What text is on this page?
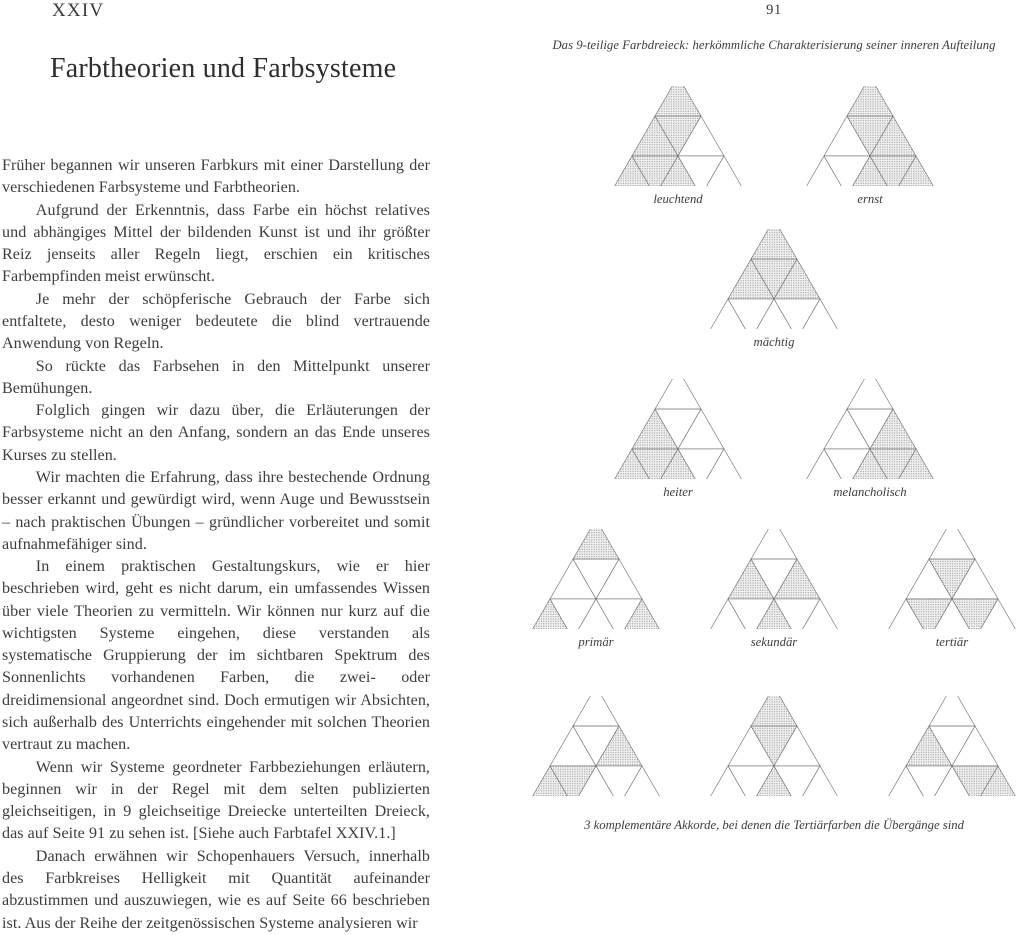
XXIV
Farbtheorien und Farbsysteme

Früher begannen wir unseren Farbkurs mit einer Darstellung der verschiedenen Farbsysteme und Farbtheorien.

Aufgrund der Erkenntnis, dass Farbe ein höchst relatives und abhängiges Mittel der bildenden Kunst ist und ihr größter Reiz jenseits aller Regeln liegt, erschien ein kritisches Farbempfinden meist erwünscht.

Je mehr der schöpferische Gebrauch der Farbe sich entfaltete, desto weniger bedeutete die blind vertrauende Anwendung von Regeln.

So rückte das Farbsehen in den Mittelpunkt unserer Bemühungen.

Folglich gingen wir dazu über, die Erläuterungen der Farbsysteme nicht an den Anfang, sondern an das Ende unseres Kurses zu stellen.

Wir machten die Erfahrung, dass ihre bestechende Ordnung besser erkannt und gewürdigt wird, wenn Auge und Bewusstsein – nach praktischen Übungen – gründlicher vorbereitet und somit aufnahmefähiger sind.

In einem praktischen Gestaltungskurs, wie er hier beschrieben wird, geht es nicht darum, ein umfassendes Wissen über viele Theorien zu vermitteln. Wir können nur kurz auf die wichtigsten Systeme eingehen, diese verstanden als systematische Gruppierung der im sichtbaren Spektrum des Sonnenlichts vorhandenen Farben, die zwei- oder dreidimensional angeordnet sind. Doch ermutigen wir Absichten, sich außerhalb des Unterrichts eingehender mit solchen Theorien vertraut zu machen.

Wenn wir Systeme geordneter Farbbeziehungen erläutern, beginnen wir in der Regel mit dem selten publizierten gleichseitigen, in 9 gleichseitige Dreiecke unterteilten Dreieck, das auf Seite 91 zu sehen ist. [Siehe auch Farbtafel XXIV.1.]

Danach erwähnen wir Schopenhauers Versuch, innerhalb des Farbkreises Helligkeit mit Quantität aufeinander abzustimmen und auszuwiegen, wie es auf Seite 66 beschrieben ist. Aus der Reihe der zeitgenössischen Systeme analysieren wir

91
Das 9-teilige Farbdreieck: herkömmliche Charakterisierung seiner inneren Aufteilung
leuchtend	ernst
mächtig
heiter	melancholisch
primär	sekundär	tertiär
3 komplementäre Akkorde, bei denen die Tertiärfarben die Übergänge sind
